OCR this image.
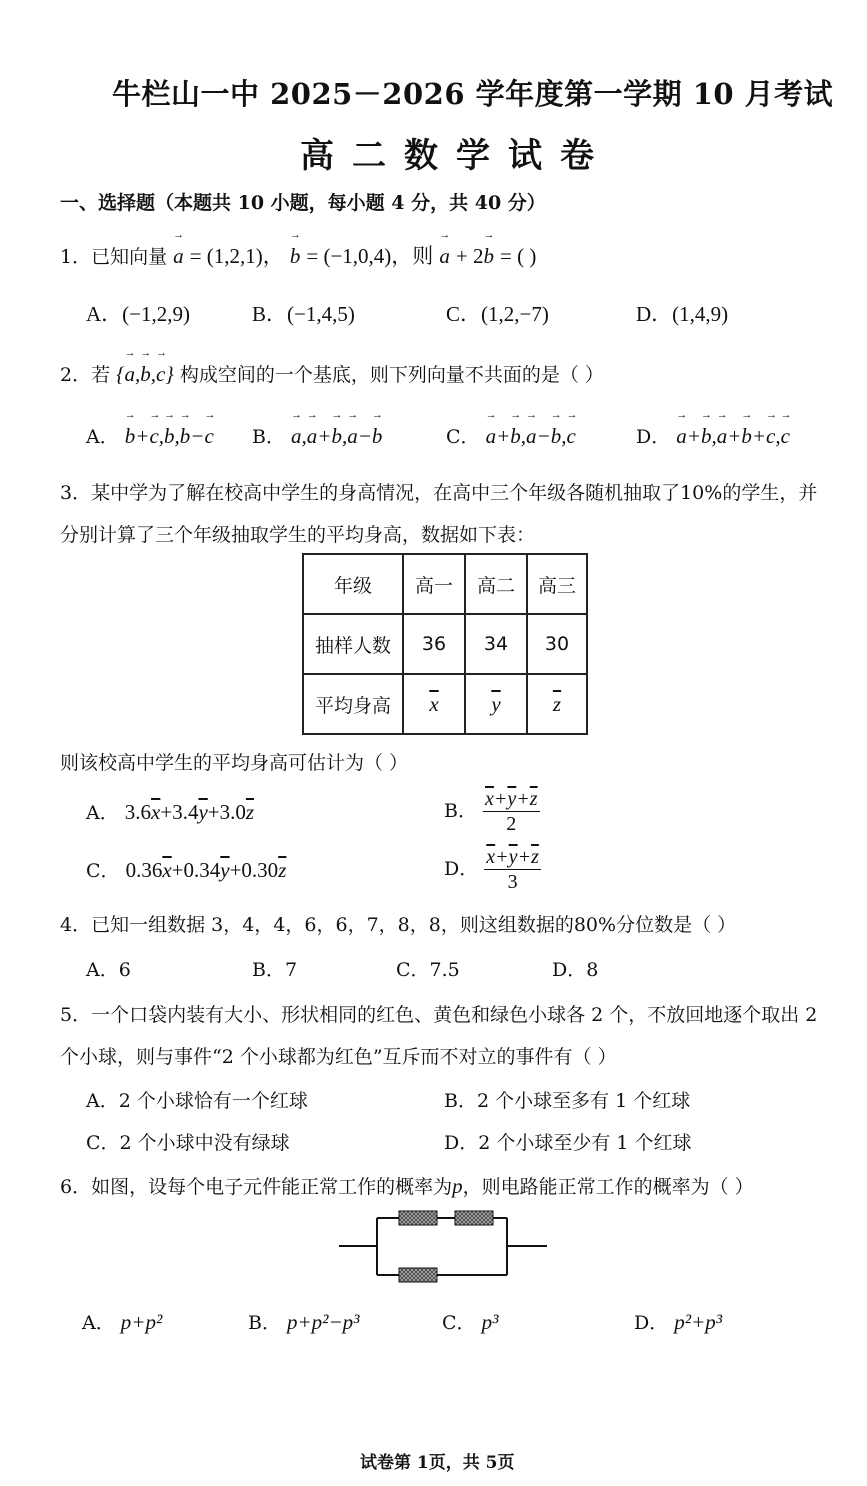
牛栏山一中 2025－2026 学年度第一学期 10 月考试
高二数学试卷
一、选择题（本题共 10 小题，每小题 4 分，共 40 分）
1．已知向量 → a = (1,2,1)， → b = (−1,0,4)，则 → a + 2→ b = ( )
A．(−1,2,9)	B．(−1,4,5)	C．(1,2,−7)	D．(1,4,9)
2．若 {→ a,→ b,→ c} 构成空间的一个基底，则下列向量不共面的是（ ）
A． → b+→ c,→ b,→ b−→ c B． → a,→ a+→ b,→ a−→ b	C． → a+→ b,→ a−→ b,→ c	D． → a+→ b,→ a+→ b+→ c,→ c
3．某中学为了解在校高中学生的身高情况，在高中三个年级各随机抽取了10%的学生，并
分别计算了三个年级抽取学生的平均身高，数据如下表：
年级	高一	高二	高三
抽样人数	36	34	30
平均身高	$\overline{x}$	$\overline{y}$	$\overline{z}$
则该校高中学生的平均身高可估计为（ ）
A． $3.6\overline{x}+3.4\overline{y}+3.0\overline{z}$	B． $\frac{\overline{x}+\overline{y}+\overline{z}}{2}$
C． $0.36\overline{x}+0.34\overline{y}+0.30\overline{z}$	D． $\frac{\overline{x}+\overline{y}+\overline{z}}{3}$
4．已知一组数据 3，4，4，6，6，7，8，8，则这组数据的80%分位数是（ ）
A．6	B．7	C．7.5	D．8
5．一个口袋内装有大小、形状相同的红色、黄色和绿色小球各 2 个，不放回地逐个取出 2
个小球，则与事件“2 个小球都为红色”互斥而不对立的事件有（ ）
A．2 个小球恰有一个红球	B．2 个小球至多有 1 个红球
C．2 个小球中没有绿球	D．2 个小球至少有 1 个红球
6．如图，设每个电子元件能正常工作的概率为p，则电路能正常工作的概率为（ ）
A． p+p²	B． p+p²−p³	C． p³	D． p²+p³
试卷第 1页，共 5页
